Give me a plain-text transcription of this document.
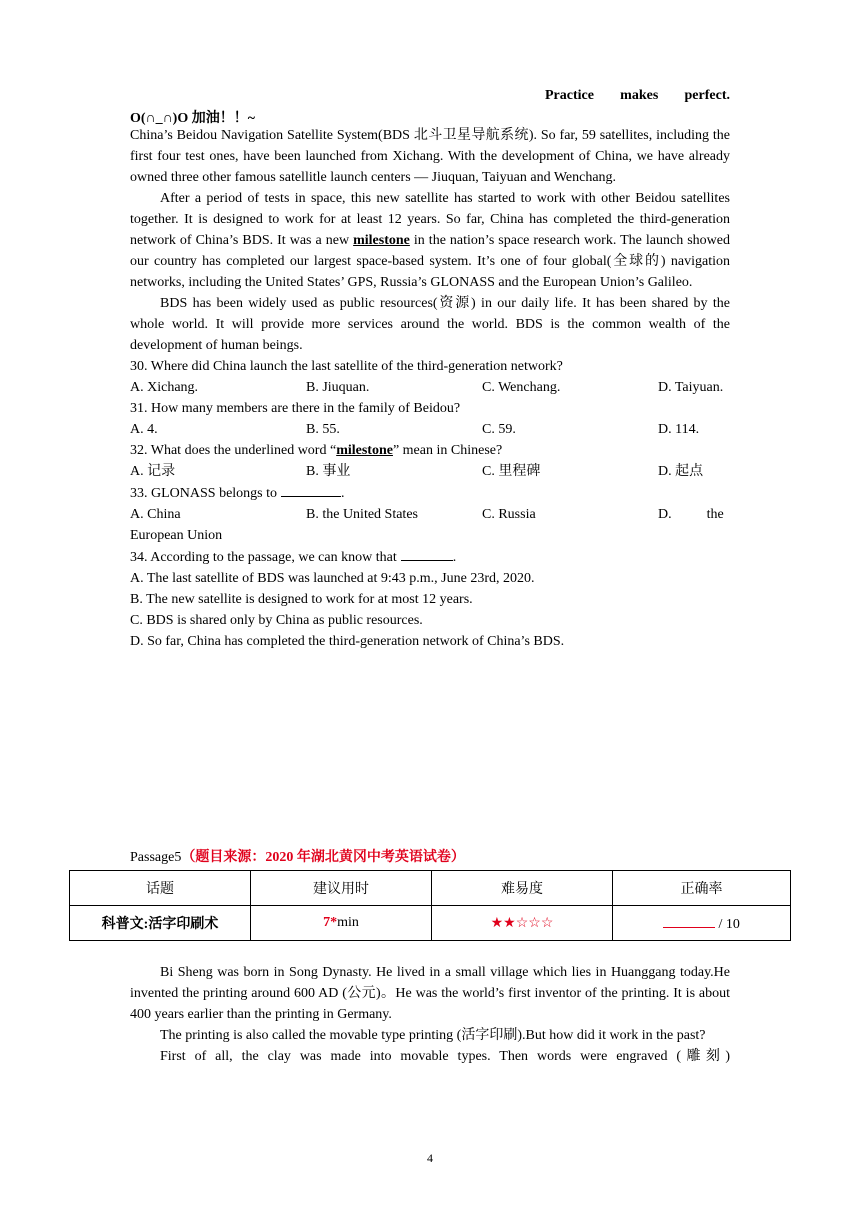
Practice makes perfect.
O(∩_∩)O 加油！！~

China’s Beidou Navigation Satellite System(BDS 北斗卫星导航系统). So far, 59 satellites, including the first four test ones, have been launched from Xichang. With the development of China, we have already owned three other famous satellitle launch centers — Jiuquan, Taiyuan and Wenchang.

After a period of tests in space, this new satellite has started to work with other Beidou satellites together. It is designed to work for at least 12 years. So far, China has completed the third-generation network of China’s BDS. It was a new milestone in the nation’s space research work. The launch showed our country has completed our largest space-based system. It’s one of four global(全球的) navigation networks, including the United States’ GPS, Russia’s GLONASS and the European Union’s Galileo.

BDS has been widely used as public resources(资源) in our daily life. It has been shared by the whole world. It will provide more services around the world. BDS is the common wealth of the development of human beings.

30. Where did China launch the last satellite of the third-generation network?

A. Xichang.	B. Jiuquan.	C. Wenchang.	D. Taiyuan.

31. How many members are there in the family of Beidou?

A. 4.	B. 55.	C. 59.	D. 114.

32. What does the underlined word “milestone” mean in Chinese?

A. 记录	B. 事业	C. 里程碑	D. 起点

33. GLONASS belongs to	.

A. China	B. the United States	C. Russia	D.          the

European Union

34. According to the passage, we can know that	.

A. The last satellite of BDS was launched at 9:43 p.m., June 23rd, 2020.

B. The new satellite is designed to work for at most 12 years.

C. BDS is shared only by China as public resources.

D. So far, China has completed the third-generation network of China’s BDS.

Passage5（题目来源：2020 年湖北黄冈中考英语试卷）
话题	建议用时	难易度	正确率
科普文:活字印刷术	7*min	★★☆☆☆	/ 10

Bi Sheng was born in Song Dynasty. He lived in a small village which lies in Huanggang today.He invented the printing around 600 AD (公元)。He was the world’s first inventor of the printing. It is about 400 years earlier than the printing in Germany.

The printing is also called the movable type printing (活字印刷).But how did it work in the past?

First of all, the clay was made into movable types. Then words were engraved (雕刻)

4
